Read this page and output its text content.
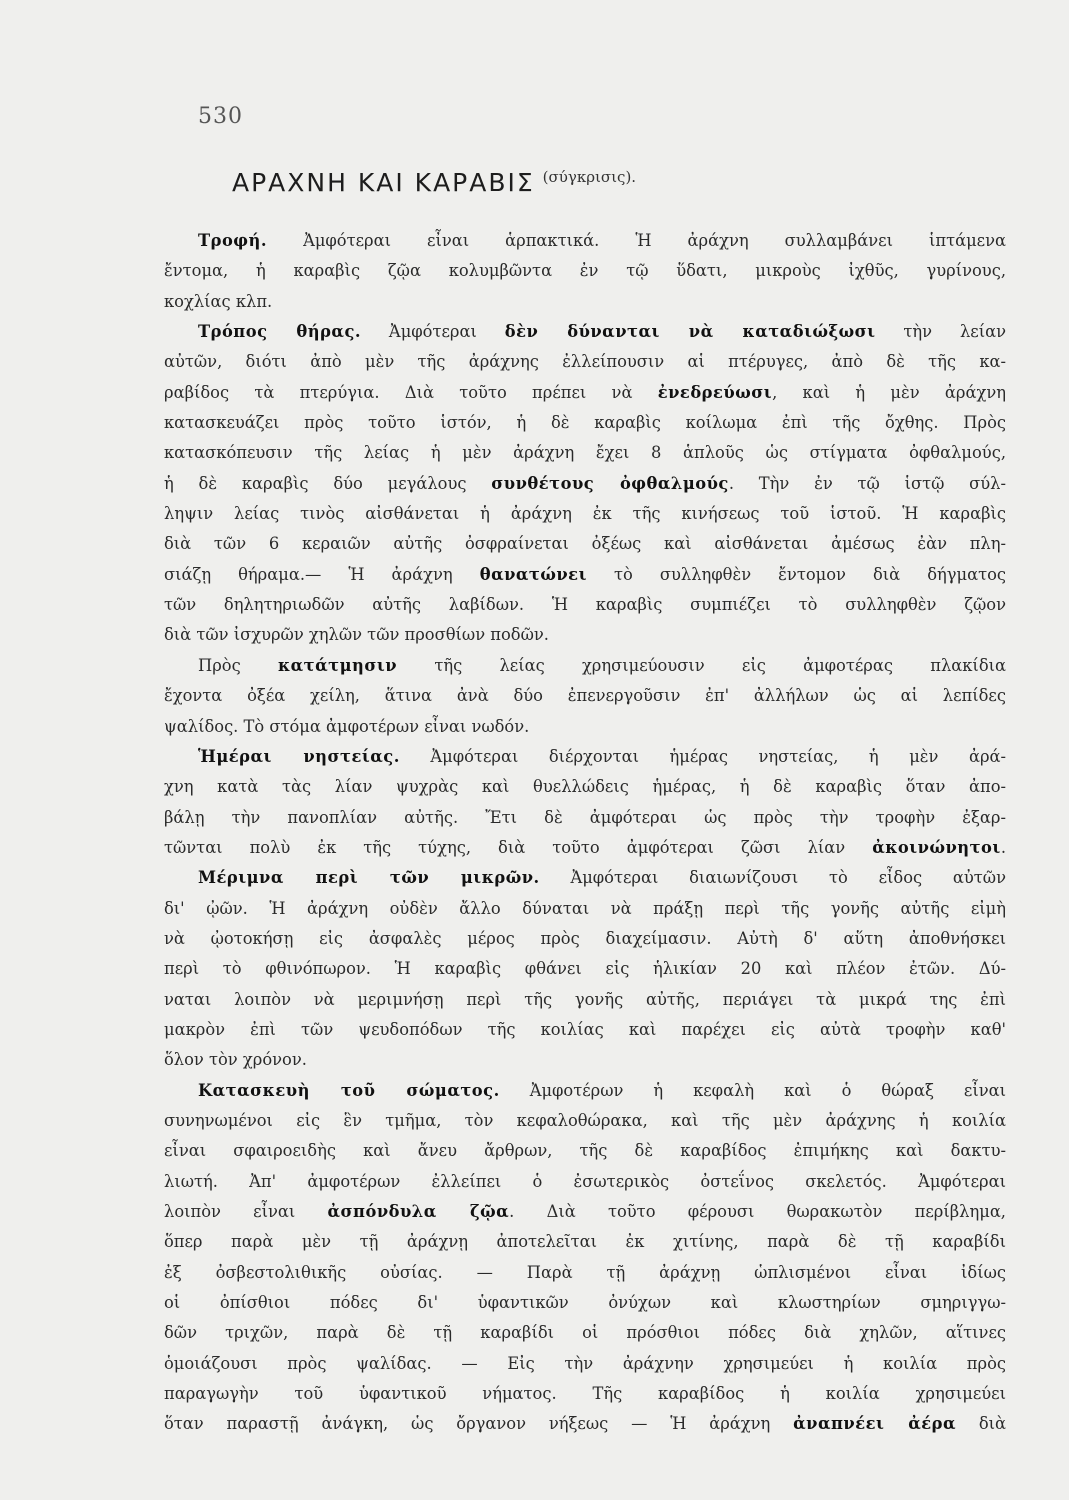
530
ΑΡΑΧΝΗ ΚΑΙ ΚΑΡΑΒΙΣ (σύγκρισις).
Τροφή. Ἀμφότεραι εἶναι ἁρπακτικά. Ἡ ἀράχνη συλλαμβάνει ἱπτάμενα
ἔντομα, ἡ καραβὶς ζῷα κολυμβῶντα ἐν τῷ ὕδατι, μικροὺς ἰχθῦς, γυρίνους,
κοχλίας κλπ.
Τρόπος θήρας. Ἀμφότεραι δὲν δύνανται νὰ καταδιώξωσι τὴν λείαν
αὐτῶν, διότι ἀπὸ μὲν τῆς ἀράχνης ἐλλείπουσιν αἱ πτέρυγες, ἀπὸ δὲ τῆς κα-
ραβίδος τὰ πτερύγια. Διὰ τοῦτο πρέπει νὰ ἐνεδρεύωσι, καὶ ἡ μὲν ἀράχνη
κατασκευάζει πρὸς τοῦτο ἱστόν, ἡ δὲ καραβὶς κοίλωμα ἐπὶ τῆς ὄχθης. Πρὸς
κατασκόπευσιν τῆς λείας ἡ μὲν ἀράχνη ἔχει 8 ἁπλοῦς ὡς στίγματα ὀφθαλμούς,
ἡ δὲ καραβὶς δύο μεγάλους συνθέτους ὀφθαλμούς. Τὴν ἐν τῷ ἱστῷ σύλ-
ληψιν λείας τινὸς αἰσθάνεται ἡ ἀράχνη ἐκ τῆς κινήσεως τοῦ ἱστοῦ. Ἡ καραβὶς
διὰ τῶν 6 κεραιῶν αὐτῆς ὀσφραίνεται ὀξέως καὶ αἰσθάνεται ἀμέσως ἐὰν πλη-
σιάζῃ θήραμα.— Ἡ ἀράχνη θανατώνει τὸ συλληφθὲν ἔντομον διὰ δήγματος
τῶν δηλητηριωδῶν αὐτῆς λαβίδων. Ἡ καραβὶς συμπιέζει τὸ συλληφθὲν ζῷον
διὰ τῶν ἰσχυρῶν χηλῶν τῶν προσθίων ποδῶν.
Πρὸς κατάτμησιν τῆς λείας χρησιμεύουσιν εἰς ἀμφοτέρας πλακίδια
ἔχοντα ὀξέα χείλη, ἅτινα ἀνὰ δύο ἐπενεργοῦσιν ἐπ' ἀλλήλων ὡς αἱ λεπίδες
ψαλίδος. Τὸ στόμα ἀμφοτέρων εἶναι νωδόν.
Ἡμέραι νηστείας. Ἀμφότεραι διέρχονται ἡμέρας νηστείας, ἡ μὲν ἀρά-
χνη κατὰ τὰς λίαν ψυχρὰς καὶ θυελλώδεις ἡμέρας, ἡ δὲ καραβὶς ὅταν ἀπο-
βάλῃ τὴν πανοπλίαν αὐτῆς. Ἔτι δὲ ἀμφότεραι ὡς πρὸς τὴν τροφὴν ἐξαρ-
τῶνται πολὺ ἐκ τῆς τύχης, διὰ τοῦτο ἀμφότεραι ζῶσι λίαν ἀκοινώνητοι.
Μέριμνα περὶ τῶν μικρῶν. Ἀμφότεραι διαιωνίζουσι τὸ εἶδος αὐτῶν
δι' ᾠῶν. Ἡ ἀράχνη οὐδὲν ἄλλο δύναται νὰ πράξῃ περὶ τῆς γονῆς αὐτῆς εἰμὴ
νὰ ᾠοτοκήσῃ εἰς ἀσφαλὲς μέρος πρὸς διαχείμασιν. Αὐτὴ δ' αὕτη ἀποθνήσκει
περὶ τὸ φθινόπωρον. Ἡ καραβὶς φθάνει εἰς ἡλικίαν 20 καὶ πλέον ἐτῶν. Δύ-
ναται λοιπὸν νὰ μεριμνήσῃ περὶ τῆς γονῆς αὐτῆς, περιάγει τὰ μικρά της ἐπὶ
μακρὸν ἐπὶ τῶν ψευδοπόδων τῆς κοιλίας καὶ παρέχει εἰς αὐτὰ τροφὴν καθ'
ὅλον τὸν χρόνον.
Κατασκευὴ τοῦ σώματος. Ἀμφοτέρων ἡ κεφαλὴ καὶ ὁ θώραξ εἶναι
συνηνωμένοι εἰς ἓν τμῆμα, τὸν κεφαλοθώρακα, καὶ τῆς μὲν ἀράχνης ἡ κοιλία
εἶναι σφαιροειδὴς καὶ ἄνευ ἄρθρων, τῆς δὲ καραβίδος ἐπιμήκης καὶ δακτυ-
λιωτή. Ἀπ' ἀμφοτέρων ἐλλείπει ὁ ἐσωτερικὸς ὀστεΐνος σκελετός. Ἀμφότεραι
λοιπὸν εἶναι ἀσπόνδυλα ζῷα. Διὰ τοῦτο φέρουσι θωρακωτὸν περίβλημα,
ὅπερ παρὰ μὲν τῇ ἀράχνῃ ἀποτελεῖται ἐκ χιτίνης, παρὰ δὲ τῇ καραβίδι
ἐξ ὀσβεστολιθικῆς οὐσίας. — Παρὰ τῇ ἀράχνῃ ὡπλισμένοι εἶναι ἰδίως
οἱ ὀπίσθιοι πόδες δι' ὑφαντικῶν ὀνύχων καὶ κλωστηρίων σμηριγγω-
δῶν τριχῶν, παρὰ δὲ τῇ καραβίδι οἱ πρόσθιοι πόδες διὰ χηλῶν, αἵτινες
ὁμοιάζουσι πρὸς ψαλίδας. — Εἰς τὴν ἀράχνην χρησιμεύει ἡ κοιλία πρὸς
παραγωγὴν τοῦ ὑφαντικοῦ νήματος. Τῆς καραβίδος ἡ κοιλία χρησιμεύει
ὅταν παραστῇ ἀνάγκη, ὡς ὄργανον νήξεως — Ἡ ἀράχνη ἀναπνέει ἀέρα διὰ
